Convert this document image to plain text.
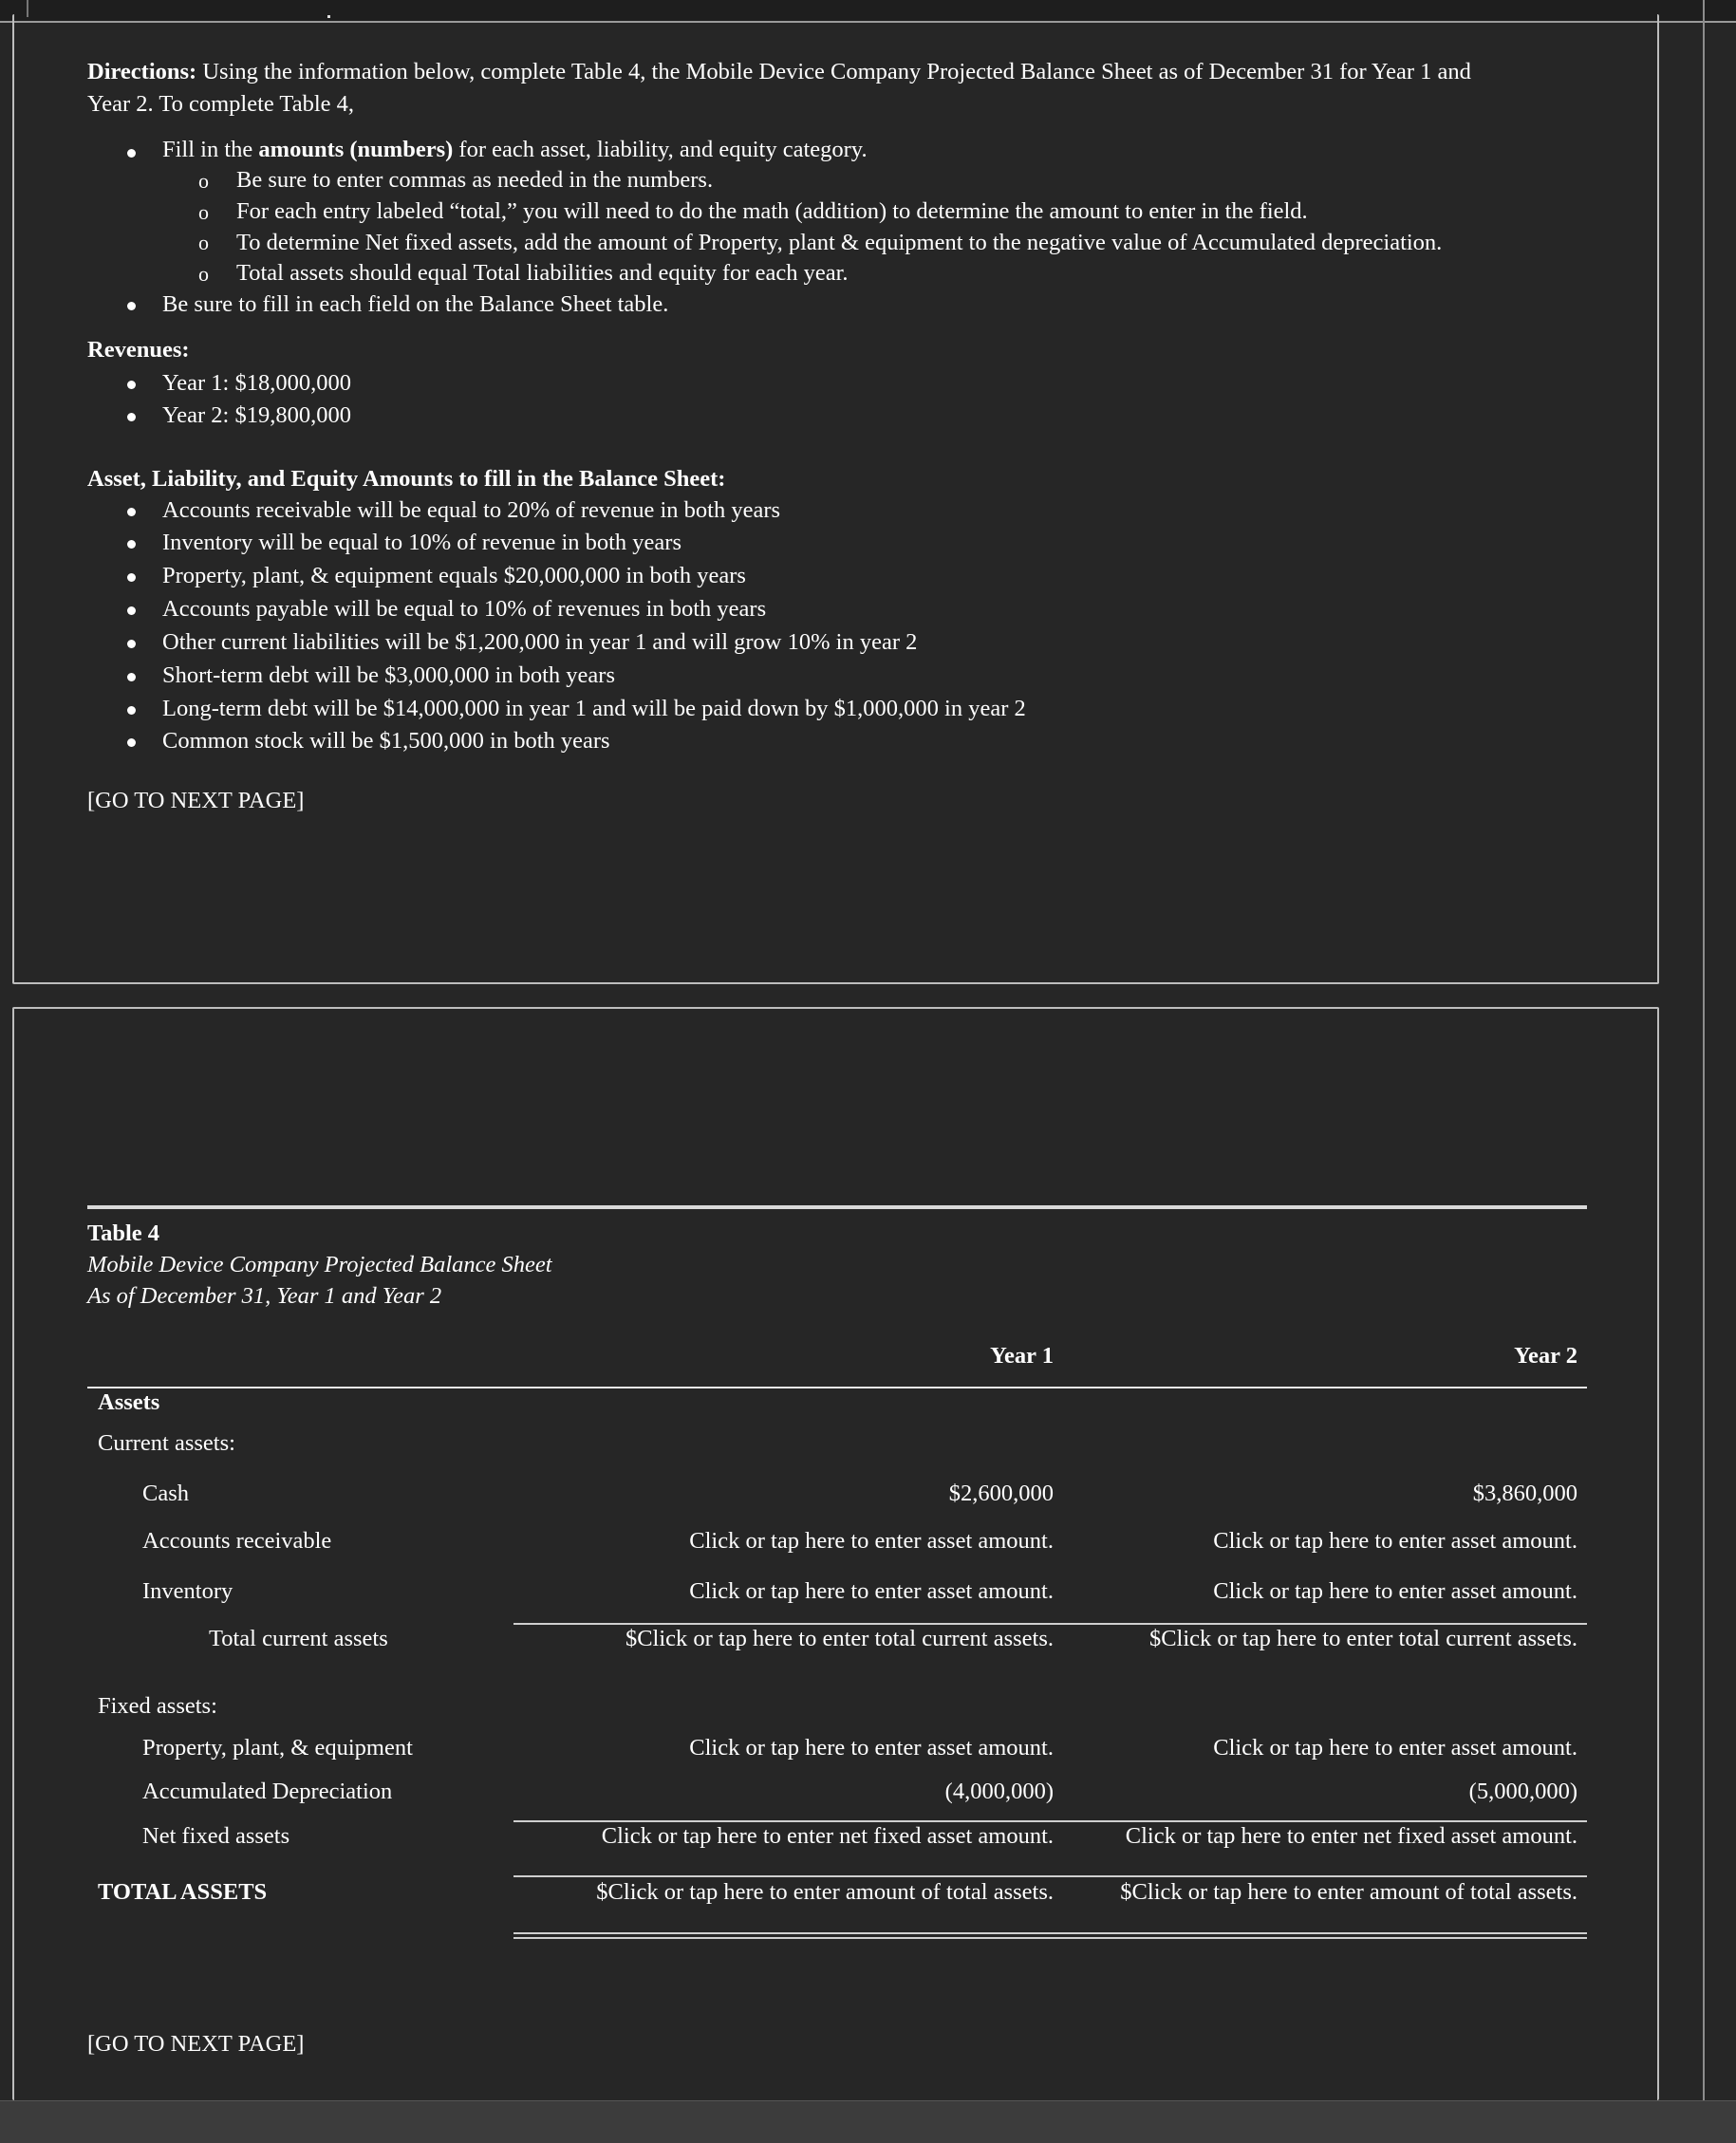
Directions: Using the information below, complete Table 4, the Mobile Device Company Projected Balance Sheet as of December 31 for Year 1 and
Year 2. To complete Table 4,
Fill in the amounts (numbers) for each asset, liability, and equity category.
o Be sure to enter commas as needed in the numbers.
o For each entry labeled “total,” you will need to do the math (addition) to determine the amount to enter in the field.
o To determine Net fixed assets, add the amount of Property, plant & equipment to the negative value of Accumulated depreciation.
o Total assets should equal Total liabilities and equity for each year.
Be sure to fill in each field on the Balance Sheet table.
Revenues:
Year 1: $18,000,000
Year 2: $19,800,000
Asset, Liability, and Equity Amounts to fill in the Balance Sheet:
Accounts receivable will be equal to 20% of revenue in both years
Inventory will be equal to 10% of revenue in both years
Property, plant, & equipment equals $20,000,000 in both years
Accounts payable will be equal to 10% of revenues in both years
Other current liabilities will be $1,200,000 in year 1 and will grow 10% in year 2
Short-term debt will be $3,000,000 in both years
Long-term debt will be $14,000,000 in year 1 and will be paid down by $1,000,000 in year 2
Common stock will be $1,500,000 in both years
[GO TO NEXT PAGE]
Table 4
Mobile Device Company Projected Balance Sheet
As of December 31, Year 1 and Year 2
Year 1	Year 2
Assets
Current assets:
Cash	$2,600,000	$3,860,000
Accounts receivable	Click or tap here to enter asset amount.	Click or tap here to enter asset amount.
Inventory	Click or tap here to enter asset amount.	Click or tap here to enter asset amount.
Total current assets	$Click or tap here to enter total current assets.	$Click or tap here to enter total current assets.
Fixed assets:
Property, plant, & equipment	Click or tap here to enter asset amount.	Click or tap here to enter asset amount.
Accumulated Depreciation	(4,000,000)	(5,000,000)
Net fixed assets	Click or tap here to enter net fixed asset amount.	Click or tap here to enter net fixed asset amount.
TOTAL ASSETS	$Click or tap here to enter amount of total assets.	$Click or tap here to enter amount of total assets.
[GO TO NEXT PAGE]
